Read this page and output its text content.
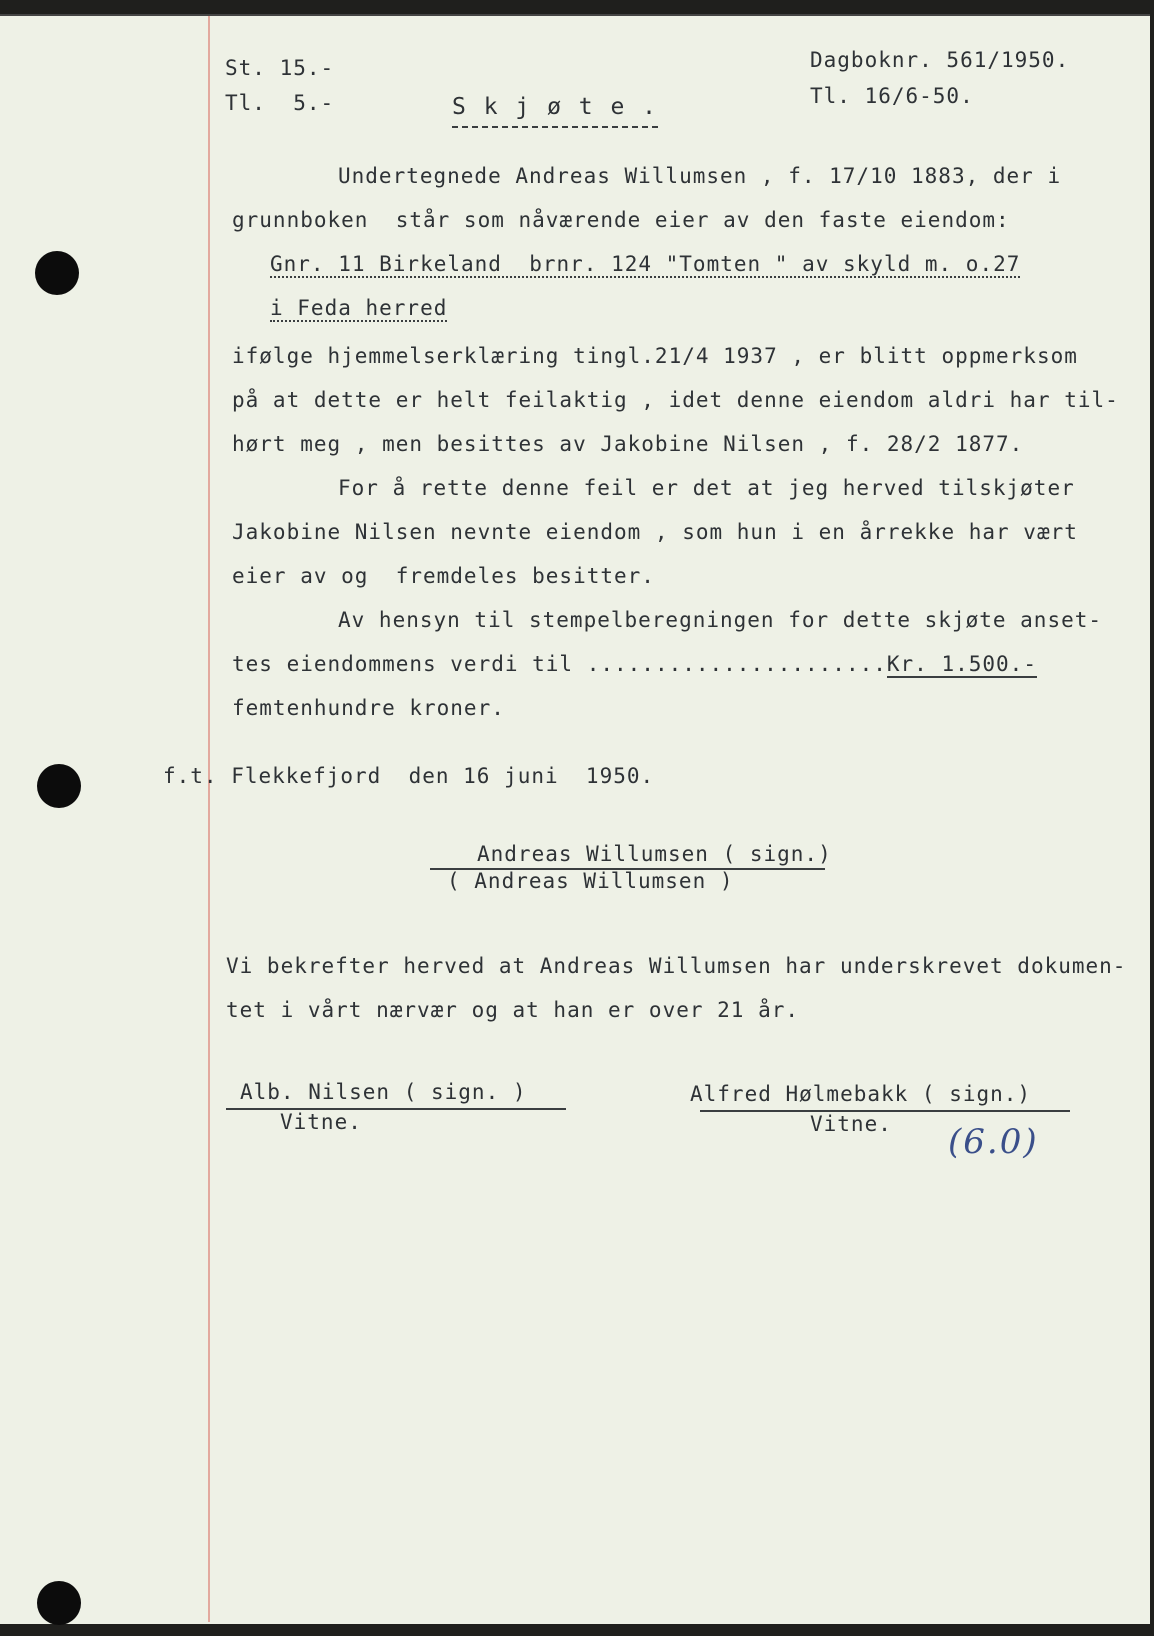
St. 15.-
Tl.  5.-
Dagboknr. 561/1950.
Tl. 16/6-50.
S k j ø t e .
Undertegnede Andreas Willumsen , f. 17/10 1883, der i
grunnboken  står som nåværende eier av den faste eiendom:
Gnr. 11 Birkeland  brnr. 124 "Tomten " av skyld m. o.27
i Feda herred
ifølge hjemmelserklæring tingl.21/4 1937 , er blitt oppmerksom
på at dette er helt feilaktig , idet denne eiendom aldri har til-
hørt meg , men besittes av Jakobine Nilsen , f. 28/2 1877.
For å rette denne feil er det at jeg herved tilskjøter
Jakobine Nilsen nevnte eiendom , som hun i en årrekke har vært
eier av og  fremdeles besitter.
Av hensyn til stempelberegningen for dette skjøte anset-
tes eiendommens verdi til ......................Kr. 1.500.-
femtenhundre kroner.
f.t. Flekkefjord  den 16 juni  1950.
Andreas Willumsen ( sign.)
( Andreas Willumsen )
Vi bekrefter herved at Andreas Willumsen har underskrevet dokumen-
tet i vårt nærvær og at han er over 21 år.
Alb. Nilsen ( sign. )
Vitne.
Alfred Hølmebakk ( sign.)
Vitne. (6.0)
